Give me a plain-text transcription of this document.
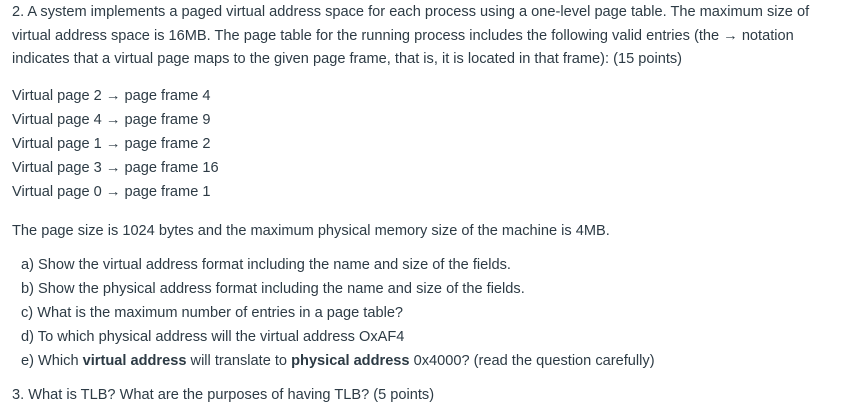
2. A system implements a paged virtual address space for each process using a one-level page table. The maximum size of virtual address space is 16MB. The page table for the running process includes the following valid entries (the → notation indicates that a virtual page maps to the given page frame, that is, it is located in that frame): (15 points)

Virtual page 2 → page frame 4
Virtual page 4 → page frame 9
Virtual page 1 → page frame 2
Virtual page 3 → page frame 16
Virtual page 0 → page frame 1
The page size is 1024 bytes and the maximum physical memory size of the machine is 4MB.
a) Show the virtual address format including the name and size of the fields.
b) Show the physical address format including the name and size of the fields.
c) What is the maximum number of entries in a page table?
d) To which physical address will the virtual address OxAF4
e) Which virtual address will translate to physical address 0x4000? (read the question carefully)
3. What is TLB? What are the purposes of having TLB? (5 points)
